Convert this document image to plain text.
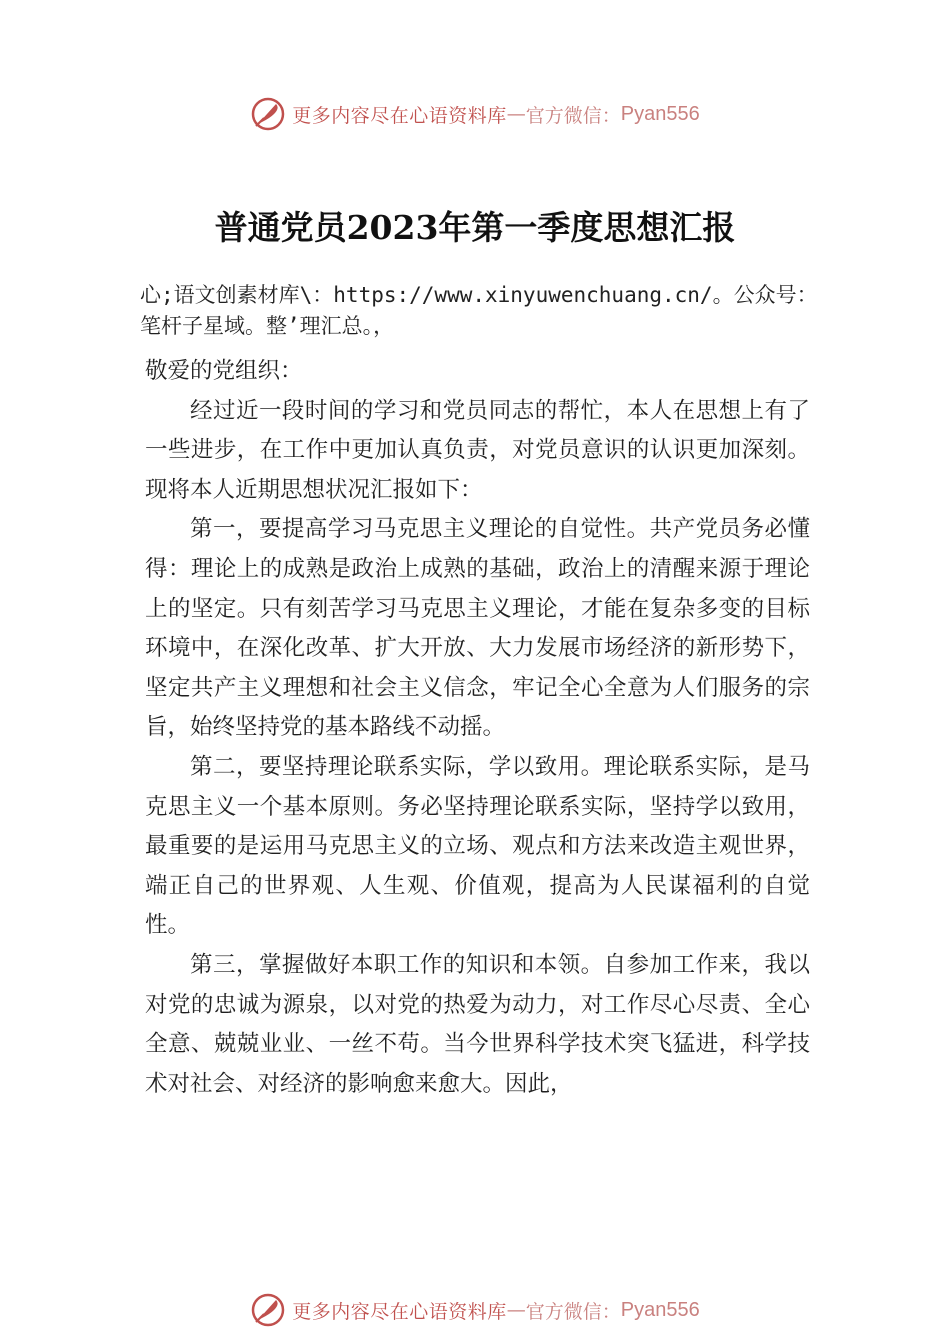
更多内容尽在心语资料库 — 官方微信： Pyan556
普通党员2023年第一季度思想汇报
心;语文创素材库\：https://www.xinyuwenchuang.cn/。公众号：笔杆子星域。整’理汇总。，

敬爱的党组织：

经过近一段时间的学习和党员同志的帮忙，本人在思想上有了一些进步，在工作中更加认真负责，对党员意识的认识更加深刻。现将本人近期思想状况汇报如下：

第一，要提高学习马克思主义理论的自觉性。共产党员务必懂得：理论上的成熟是政治上成熟的基础，政治上的清醒来源于理论上的坚定。只有刻苦学习马克思主义理论，才能在复杂多变的目标环境中，在深化改革、扩大开放、大力发展市场经济的新形势下，坚定共产主义理想和社会主义信念，牢记全心全意为人们服务的宗旨，始终坚持党的基本路线不动摇。

第二，要坚持理论联系实际，学以致用。理论联系实际，是马克思主义一个基本原则。务必坚持理论联系实际，坚持学以致用，最重要的是运用马克思主义的立场、观点和方法来改造主观世界，端正自己的世界观、人生观、价值观，提高为人民谋福利的自觉性。

第三，掌握做好本职工作的知识和本领。自参加工作来，我以对党的忠诚为源泉，以对党的热爱为动力，对工作尽心尽责、全心全意、兢兢业业、一丝不苟。当今世界科学技术突飞猛进，科学技术对社会、对经济的影响愈来愈大。因此，

更多内容尽在心语资料库 — 官方微信： Pyan556
